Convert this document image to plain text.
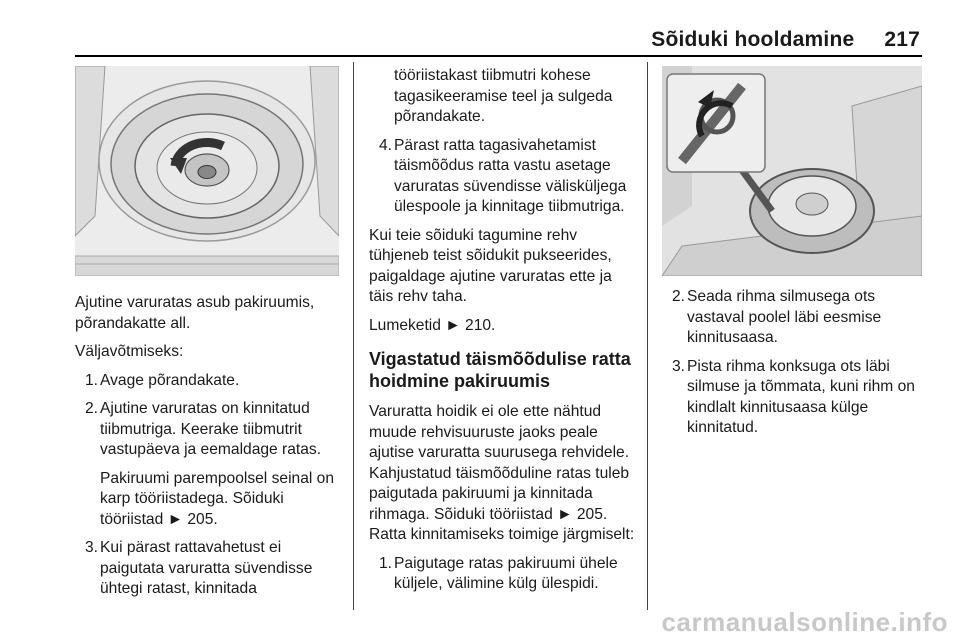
Sõiduki hooldamine 217

Ajutine varuratas asub pakiruumis, põrandakatte all.

Väljavõtmiseks:

1. Avage põrandakate.
2. Ajutine varuratas on kinnitatud tiibmutriga. Keerake tiibmutrit vastupäeva ja eemaldage ratas.

Pakiruumi parempoolsel seinal on karp tööriistadega. Sõiduki tööriistad ► 205.

3. Kui pärast rattavahetust ei paigutata varuratta süvendisse ühtegi ratast, kinnitada

tööriistakast tiibmutri kohese tagasikeeramise teel ja sulgeda põrandakate.

4. Pärast ratta tagasivahetamist täismõõdus ratta vastu asetage varuratas süvendisse välisküljega ülespoole ja kinnitage tiibmutriga.

Kui teie sõiduki tagumine rehv tühjeneb teist sõidukit pukseerides, paigaldage ajutine varuratas ette ja täis rehv taha.

Lumeketid ► 210.

Vigastatud täismõõdulise ratta hoidmine pakiruumis

Varuratta hoidik ei ole ette nähtud muude rehvisuuruste jaoks peale ajutise varuratta suurusega rehvidele. Kahjustatud täismõõduline ratas tuleb paigutada pakiruumi ja kinnitada rihmaga. Sõiduki tööriistad ► 205. Ratta kinnitamiseks toimige järgmiselt:

1. Paigutage ratas pakiruumi ühele küljele, välimine külg ülespidi.
2. Seada rihma silmusega ots vastaval poolel läbi eesmise kinnitusaasa.
3. Pista rihma konksuga ots läbi silmuse ja tõmmata, kuni rihm on kindlalt kinnitusaasa külge kinnitatud.
carmanualsonline.info
